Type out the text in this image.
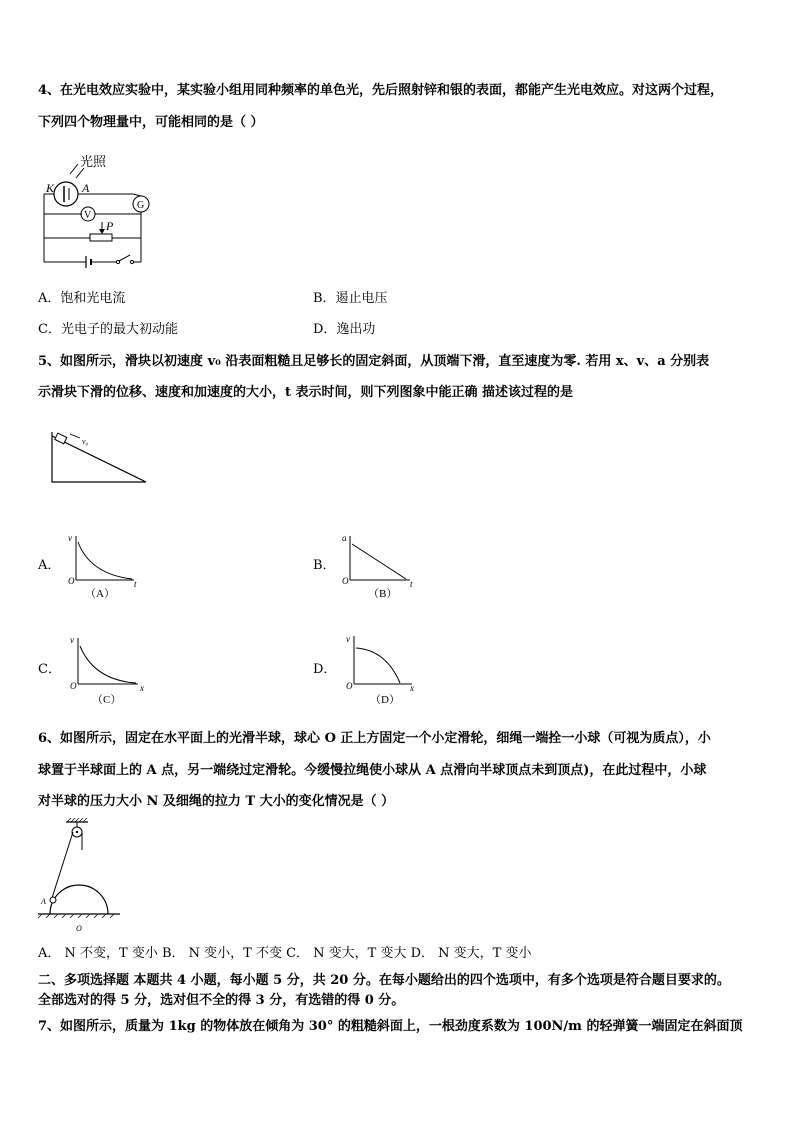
4、在光电效应实验中，某实验小组用同种频率的单色光，先后照射锌和银的表面，都能产生光电效应。对这两个过程，
下列四个物理量中，可能相同的是（ ）
光照
K A
G
V
P
A．饱和光电流	B．遏止电压
C．光电子的最大初动能	D．逸出功
5、如图所示，滑块以初速度 v₀ 沿表面粗糙且足够长的固定斜面，从顶端下滑，直至速度为零. 若用 x、v、a 分别表
示滑块下滑的位移、速度和加速度的大小，t 表示时间，则下列图象中能正确 描述该过程的是
v₀
A．
v
O	t
（A）
B．
a
O	t
（B）
C．
v
O	x
（C）
D．
v
O	x
（D）
6、如图所示，固定在水平面上的光滑半球，球心 O 正上方固定一个小定滑轮，细绳一端拴一小球（可视为质点），小
球置于半球面上的 A 点，另一端绕过定滑轮。今缓慢拉绳使小球从 A 点滑向半球顶点未到顶点)，在此过程中，小球
对半球的压力大小 N 及细绳的拉力 T 大小的变化情况是（ ）
A
O
A． N 不变，T 变小 B． N 变小，T 不变 C． N 变大，T 变大 D． N 变大，T 变小
二、多项选择题 本题共 4 小题，每小题 5 分，共 20 分。在每小题给出的四个选项中，有多个选项是符合题目要求的。
全部选对的得 5 分，选对但不全的得 3 分，有选错的得 0 分。
7、如图所示，质量为 1kg 的物体放在倾角为 30° 的粗糙斜面上，一根劲度系数为 100N/m 的轻弹簧一端固定在斜面顶
